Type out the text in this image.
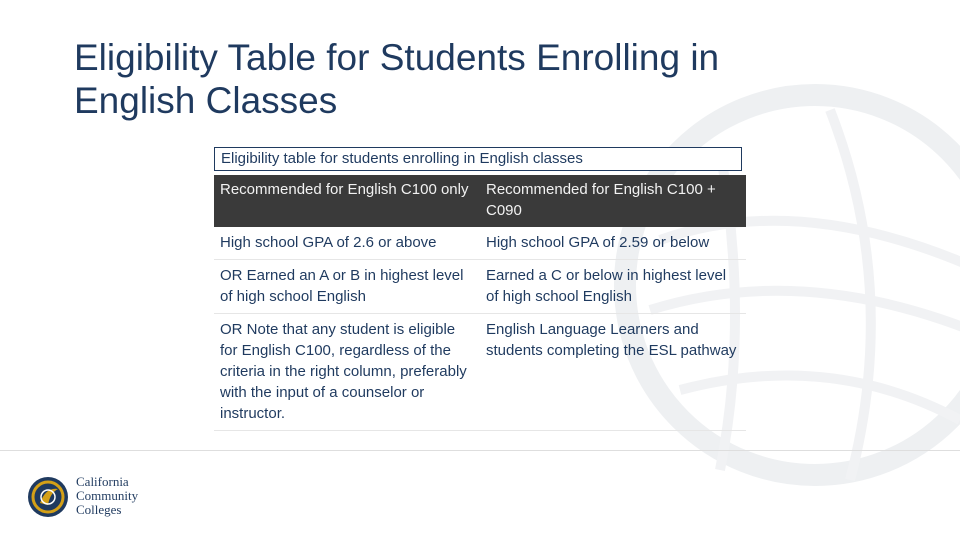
Eligibility Table for Students Enrolling in English Classes
Eligibility table for students enrolling in English classes
Recommended for English C100 only	Recommended for English C100 + C090
High school GPA of 2.6 or above	High school GPA of 2.59 or below
OR Earned an A or B in highest level of high school English	Earned a C or below in highest level of high school English
OR Note that any student is eligible for English C100, regardless of the criteria in the right column, preferably with the input of a counselor or instructor.	English Language Learners and students completing the ESL pathway
California
Community
Colleges
